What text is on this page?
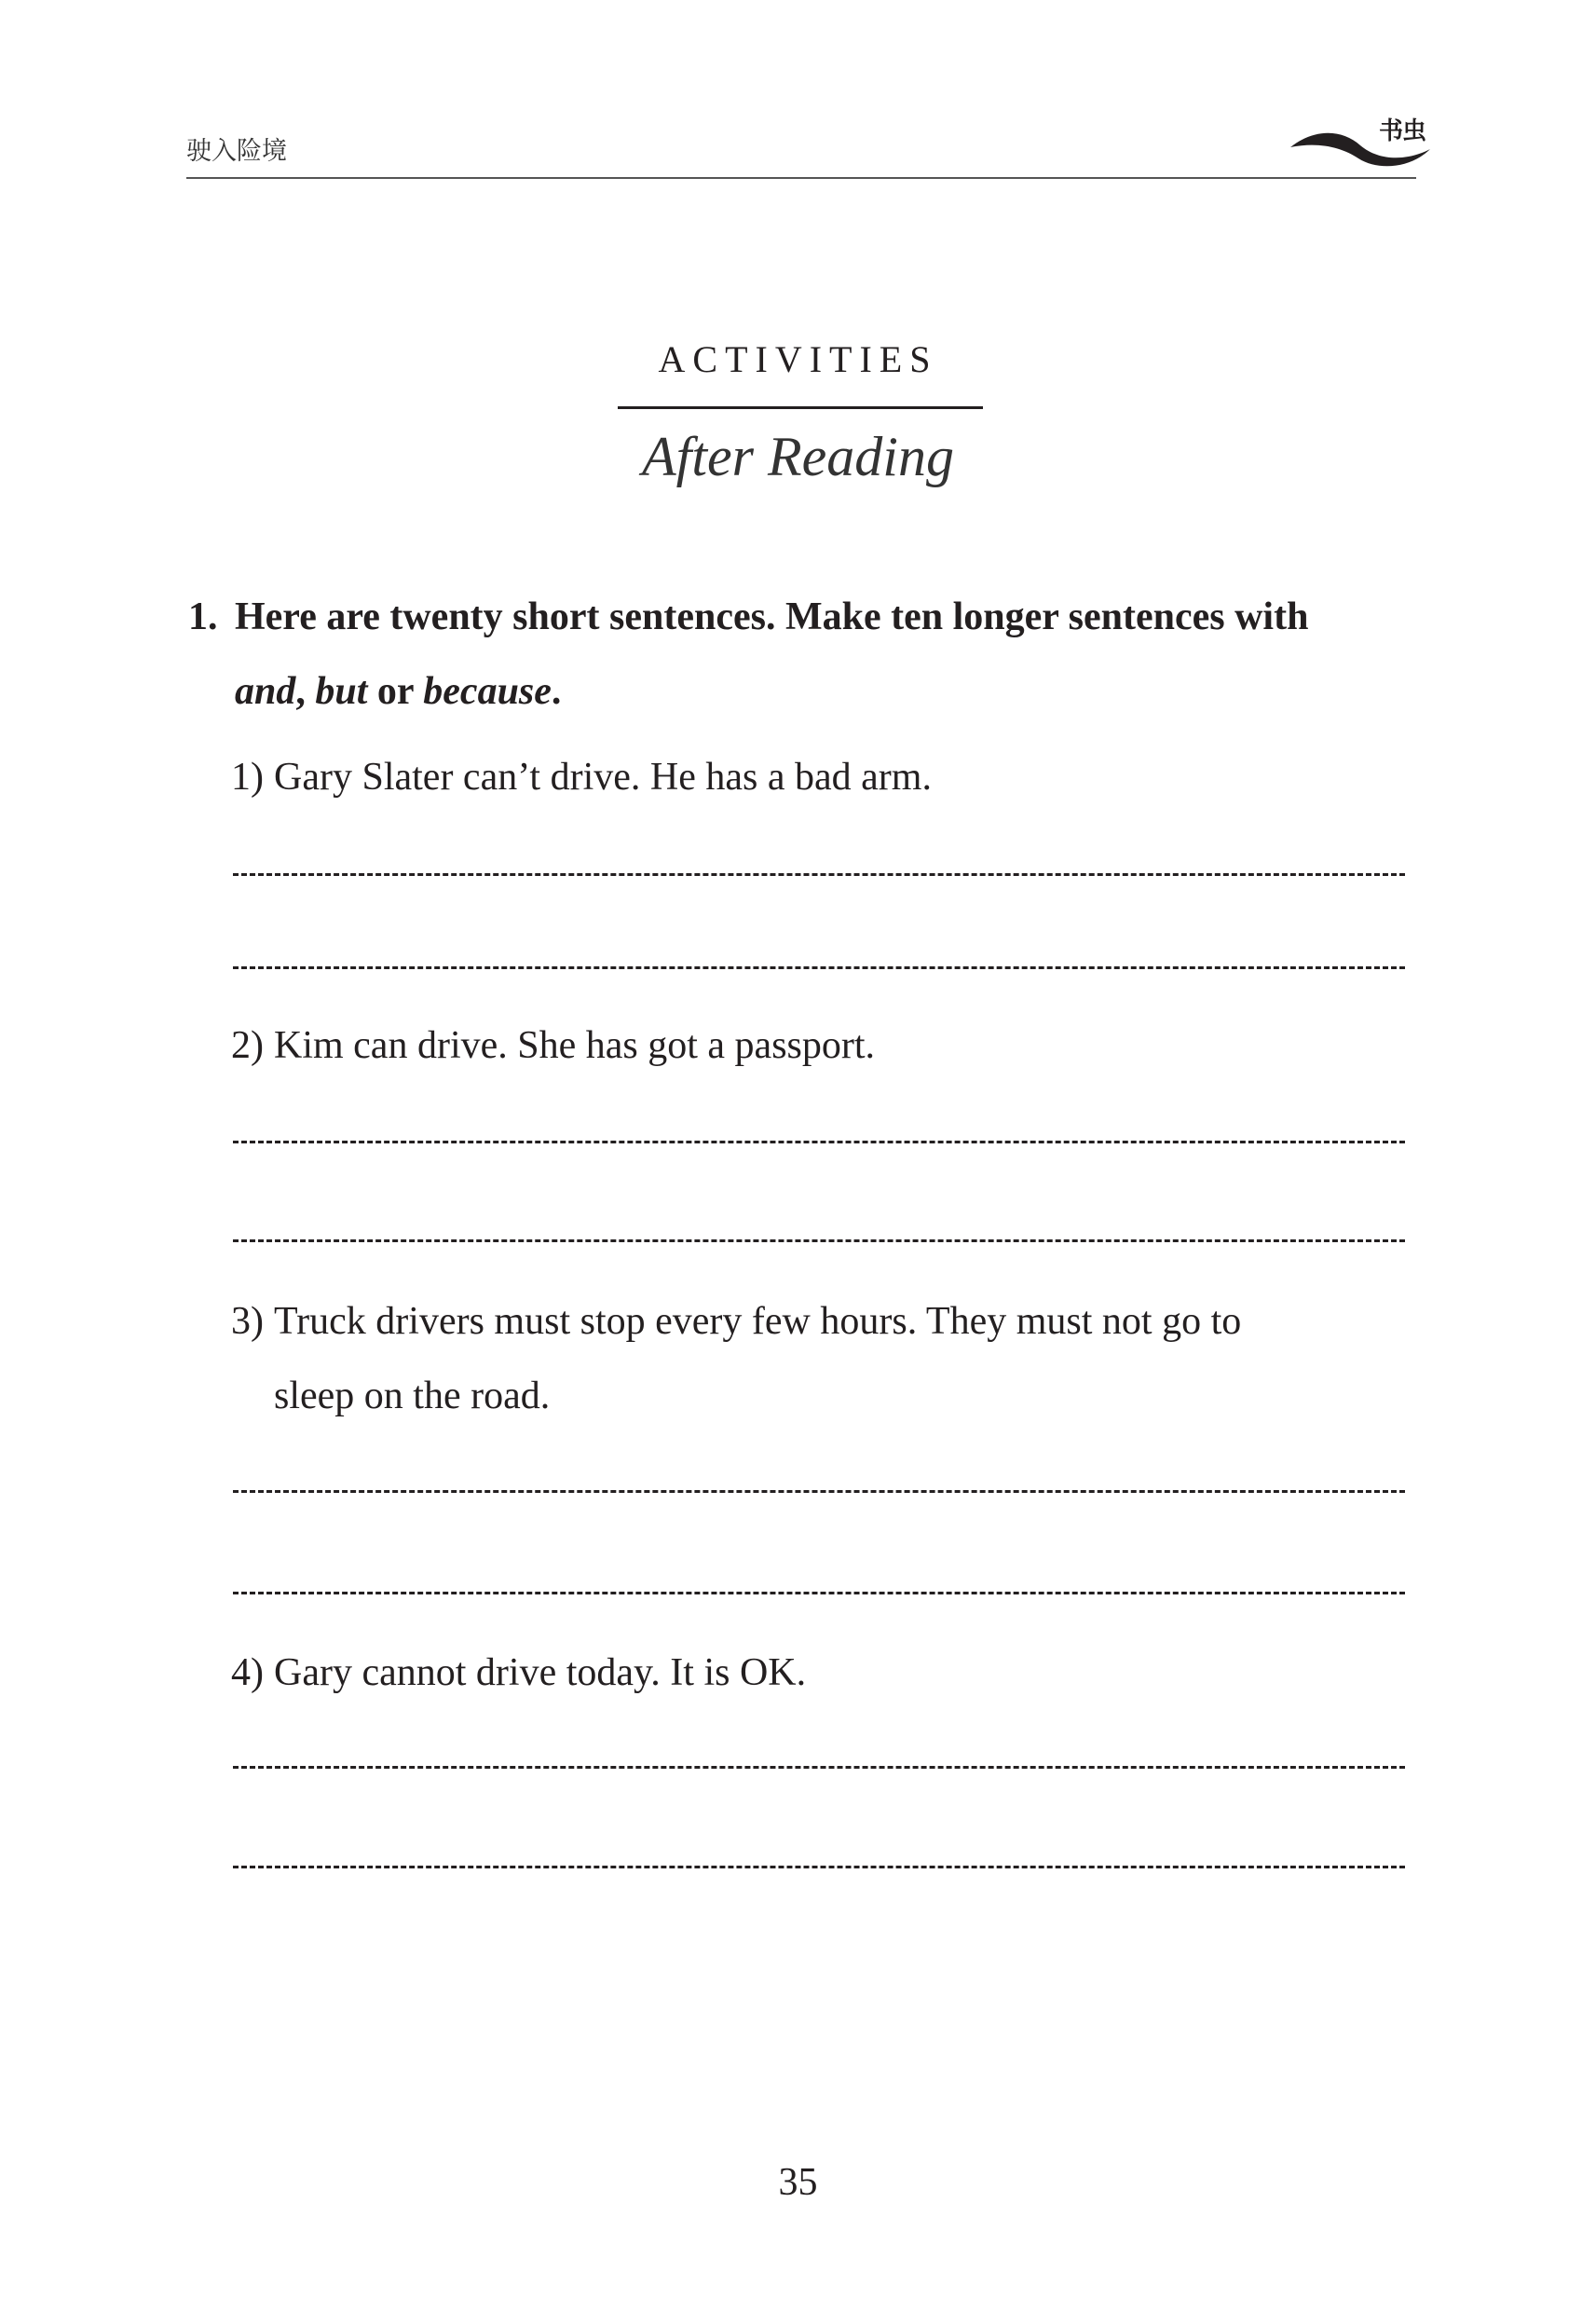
驶入险境
书虫
ACTIVITIES
After Reading
1. Here are twenty short sentences. Make ten longer sentences with
and, but or because.
1) Gary Slater can’t drive. He has a bad arm.
2) Kim can drive. She has got a passport.
3) Truck drivers must stop every few hours. They must not go to
sleep on the road.
4) Gary cannot drive today. It is OK.
35
